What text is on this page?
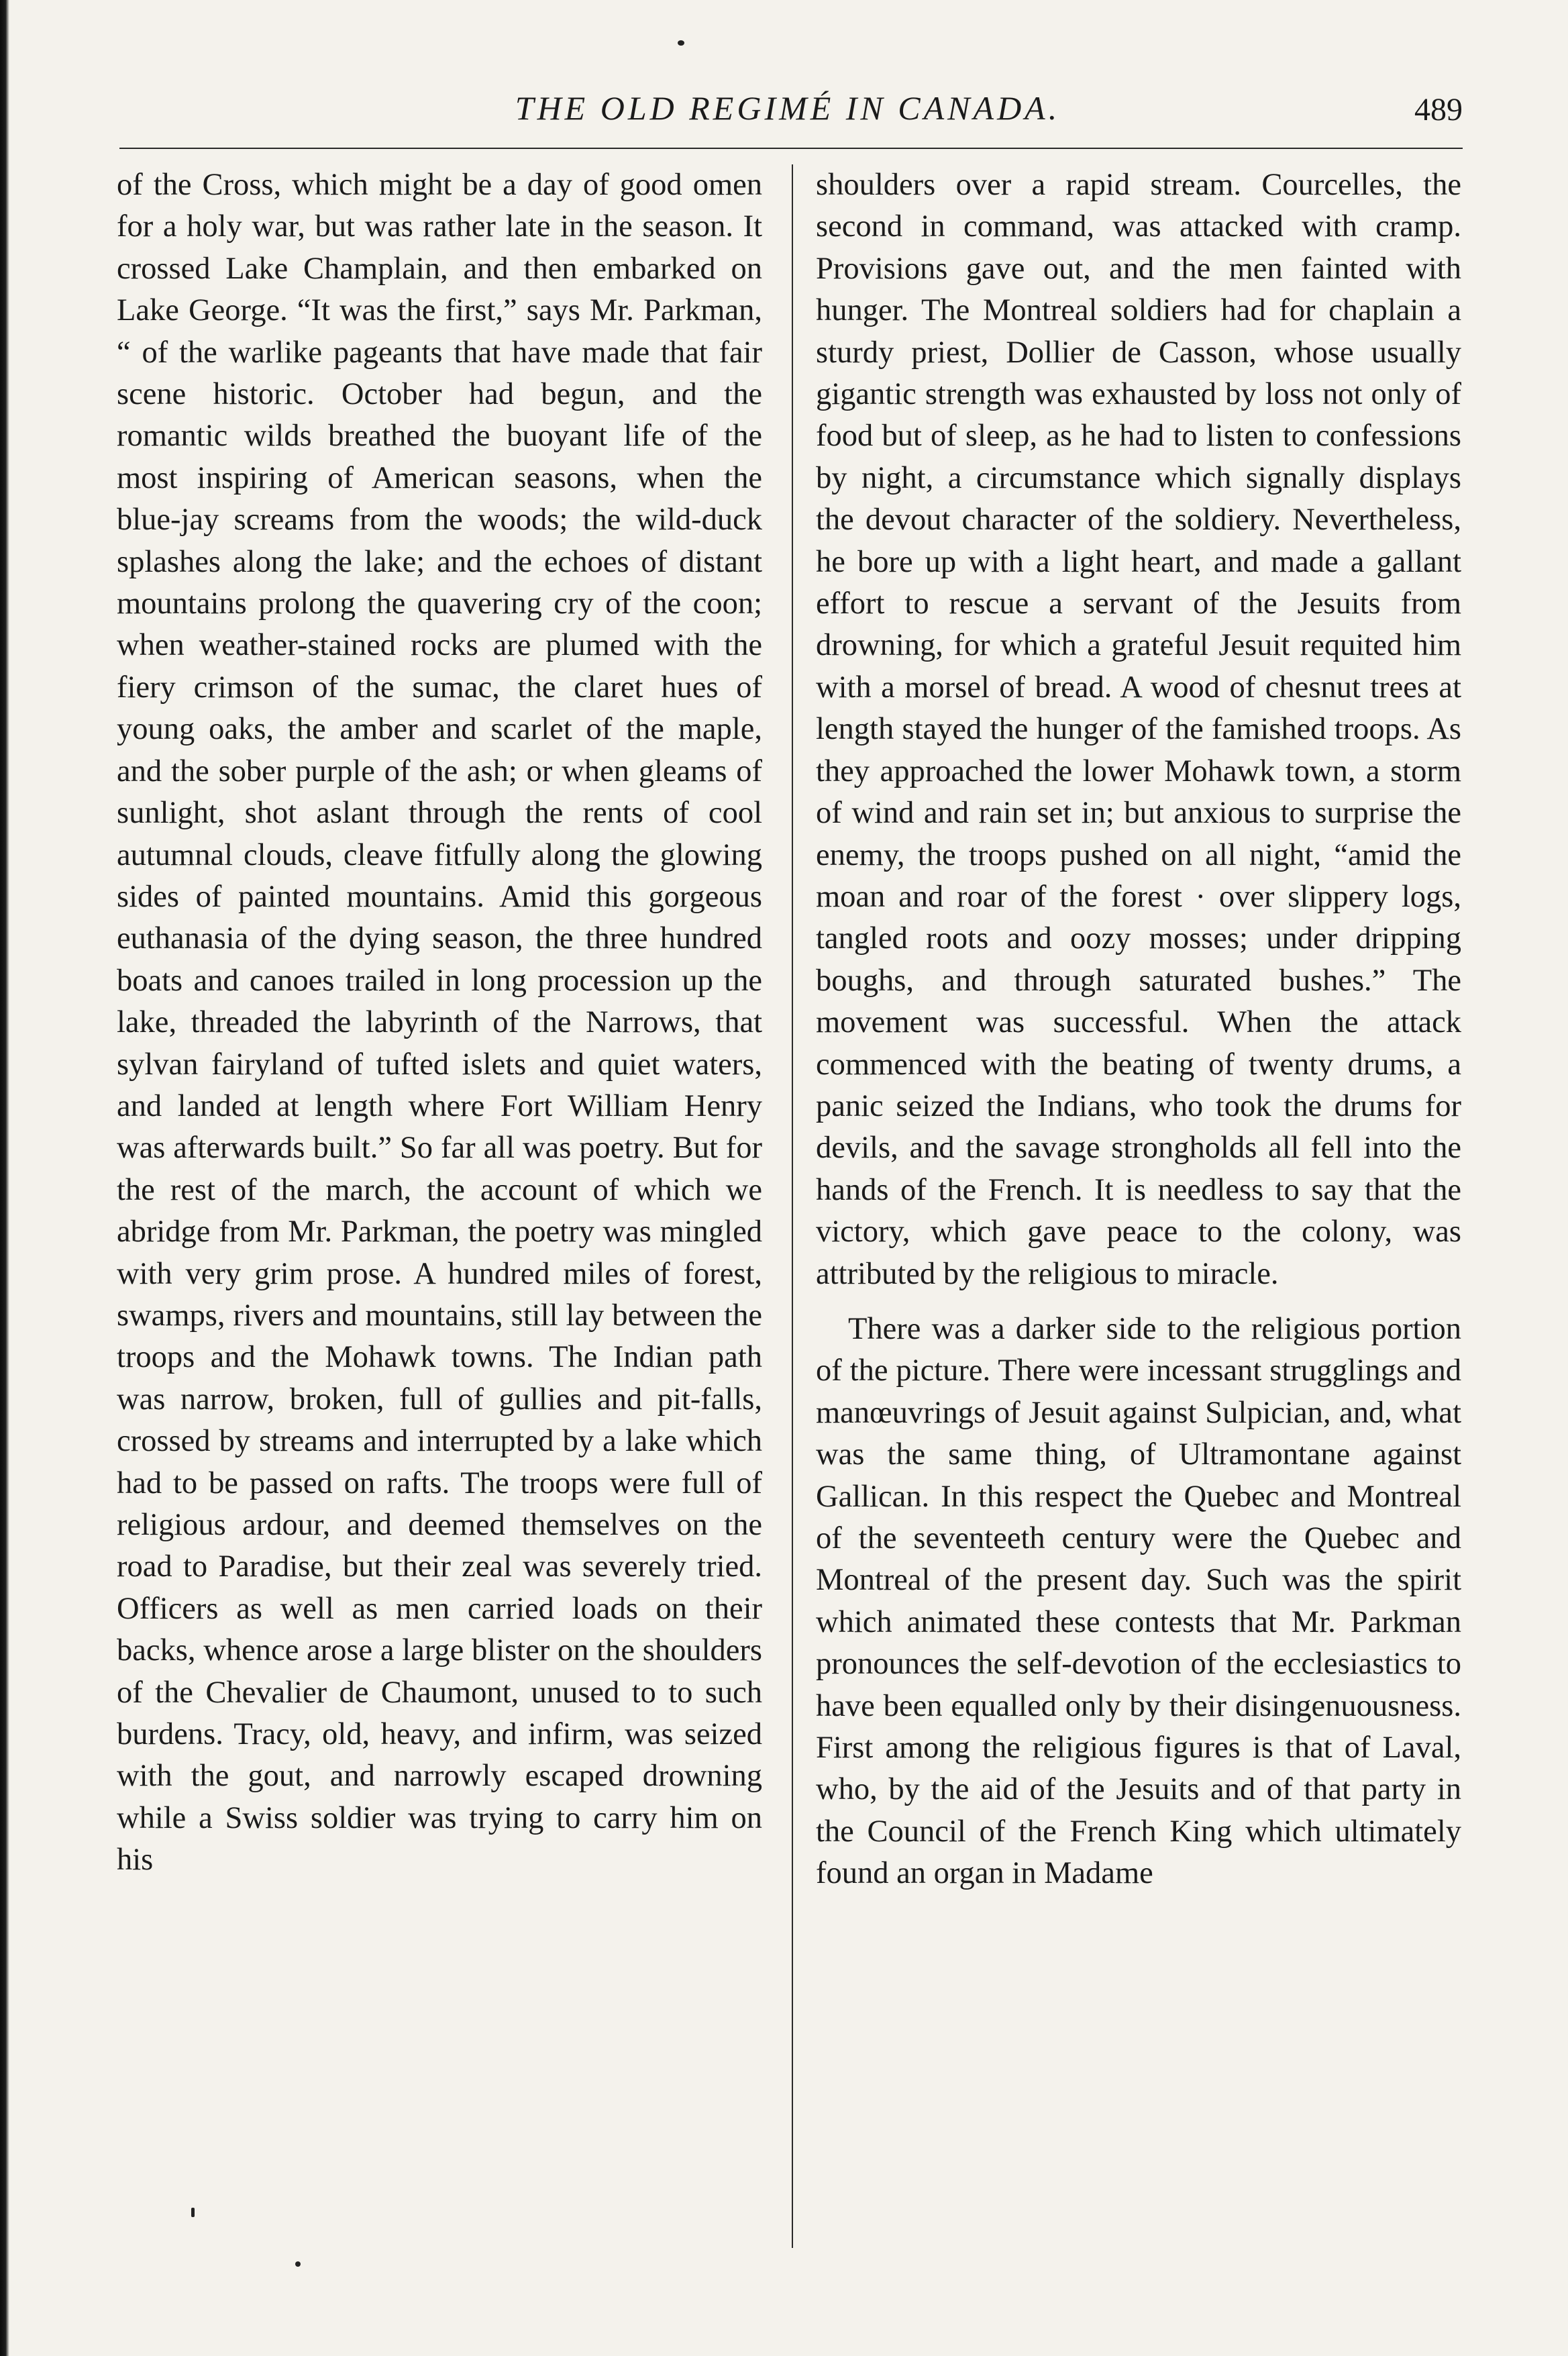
THE OLD REGIMÉ IN CANADA.	489

of the Cross, which might be a day of good omen for a holy war, but was rather late in the season. It crossed Lake Champlain, and then embarked on Lake George. “It was the first,” says Mr. Parkman, “ of the warlike pageants that have made that fair scene historic. October had begun, and the romantic wilds breathed the buoyant life of the most inspiring of American seasons, when the blue-jay screams from the woods; the wild-duck splashes along the lake; and the echoes of distant mountains prolong the quavering cry of the coon; when weather-stained rocks are plumed with the fiery crimson of the sumac, the claret hues of young oaks, the amber and scarlet of the maple, and the sober purple of the ash; or when gleams of sunlight, shot aslant through the rents of cool autumnal clouds, cleave fitfully along the glowing sides of painted mountains. Amid this gorgeous euthanasia of the dying season, the three hundred boats and canoes trailed in long procession up the lake, threaded the labyrinth of the Narrows, that sylvan fairyland of tufted islets and quiet waters, and landed at length where Fort William Henry was afterwards built.” So far all was poetry. But for the rest of the march, the account of which we abridge from Mr. Parkman, the poetry was mingled with very grim prose. A hundred miles of forest, swamps, rivers and mountains, still lay between the troops and the Mohawk towns. The Indian path was narrow, broken, full of gullies and pit-falls, crossed by streams and interrupted by a lake which had to be passed on rafts. The troops were full of religious ardour, and deemed themselves on the road to Paradise, but their zeal was severely tried. Officers as well as men carried loads on their backs, whence arose a large blister on the shoulders of the Chevalier de Chaumont, unused to to such burdens. Tracy, old, heavy, and infirm, was seized with the gout, and narrowly escaped drowning while a Swiss soldier was trying to carry him on his

shoulders over a rapid stream. Courcelles, the second in command, was attacked with cramp. Provisions gave out, and the men fainted with hunger. The Montreal soldiers had for chaplain a sturdy priest, Dollier de Casson, whose usually gigantic strength was exhausted by loss not only of food but of sleep, as he had to listen to confessions by night, a circumstance which signally displays the devout character of the soldiery. Nevertheless, he bore up with a light heart, and made a gallant effort to rescue a servant of the Jesuits from drowning, for which a grateful Jesuit requited him with a morsel of bread. A wood of chesnut trees at length stayed the hunger of the famished troops. As they approached the lower Mohawk town, a storm of wind and rain set in; but anxious to surprise the enemy, the troops pushed on all night, “amid the moan and roar of the forest · over slippery logs, tangled roots and oozy mosses; under dripping boughs, and through saturated bushes.” The movement was successful. When the attack commenced with the beating of twenty drums, a panic seized the Indians, who took the drums for devils, and the savage strongholds all fell into the hands of the French. It is needless to say that the victory, which gave peace to the colony, was attributed by the religious to miracle.

There was a darker side to the religious portion of the picture. There were incessant strugglings and manœuvrings of Jesuit against Sulpician, and, what was the same thing, of Ultramontane against Gallican. In this respect the Quebec and Montreal of the seventeeth century were the Quebec and Montreal of the present day. Such was the spirit which animated these contests that Mr. Parkman pronounces the self-devotion of the ecclesiastics to have been equalled only by their disingenuousness. First among the religious figures is that of Laval, who, by the aid of the Jesuits and of that party in the Council of the French King which ultimately found an organ in Madame
